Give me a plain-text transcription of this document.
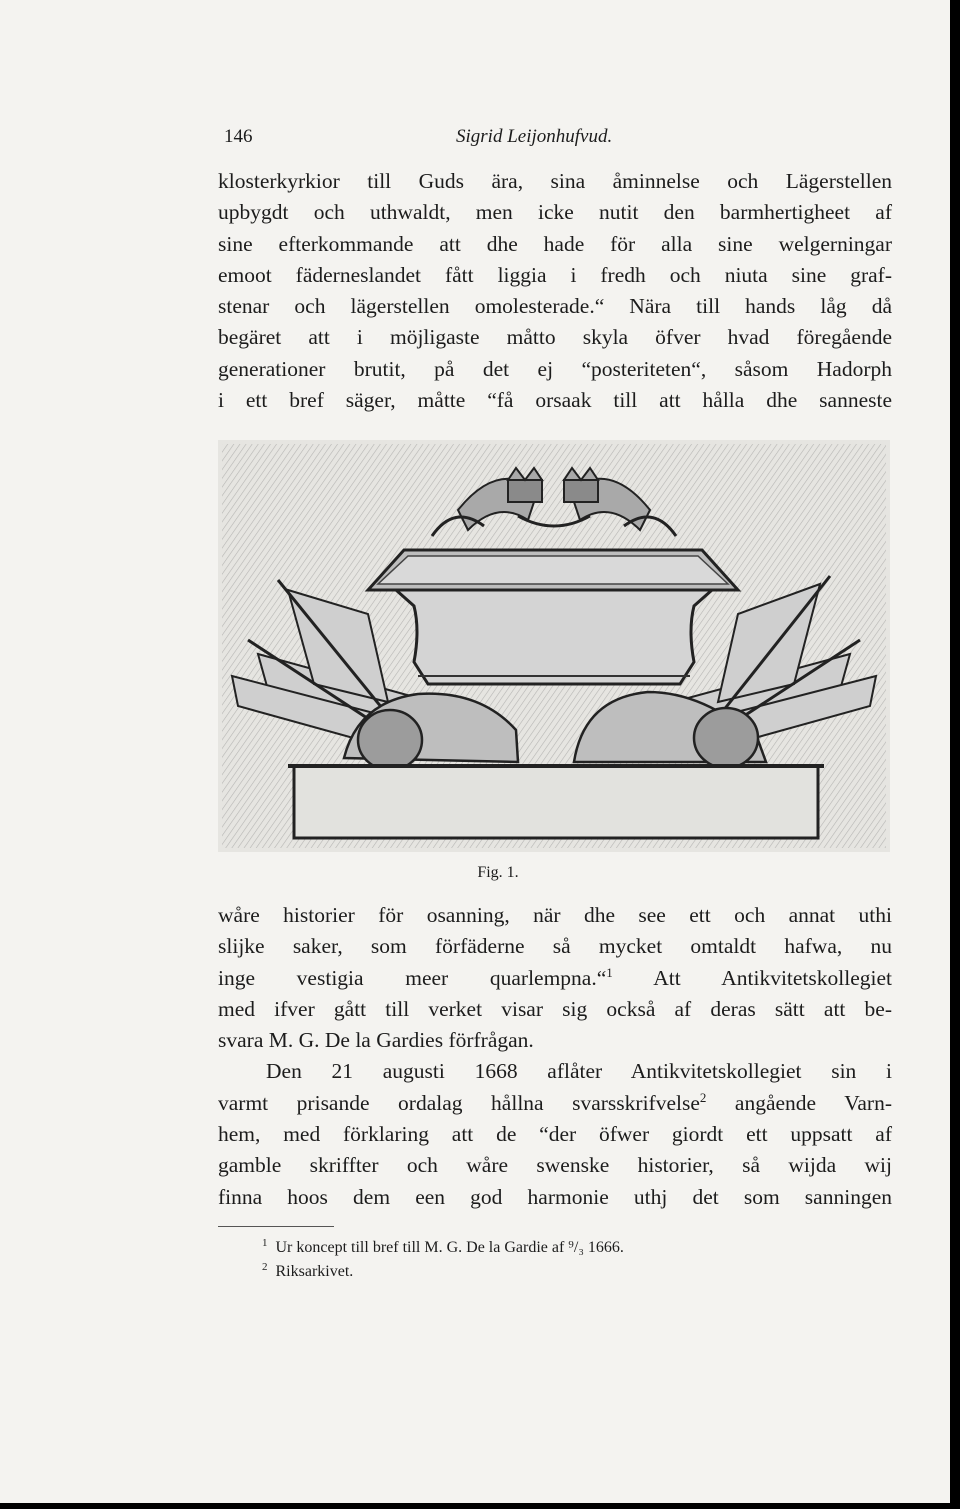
146	Sigrid Leijonhufvud.

klosterkyrkior till Guds ära, sina åminnelse och Lägerstellen

upbygdt och uthwaldt, men icke nutit den barmhertigheet af

sine efterkommande att dhe hade för alla sine welgerningar

emoot fäderneslandet fått liggia i fredh och niuta sine graf-

stenar och lägerstellen omolesterade.“ Nära till hands låg då

begäret att i möjligaste måtto skyla öfver hvad föregående

generationer brutit, på det ej “posteriteten“, såsom Hadorph

i ett bref säger, måtte “få orsaak till att hålla dhe sanneste

Fig. 1.

wåre historier för osanning, när dhe see ett och annat uthi

slijke saker, som förfäderne så mycket omtaldt hafwa, nu

inge vestigia meer quarlempna.“$^1$ Att Antikvitetskollegiet

med ifver gått till verket visar sig också af deras sätt att be-

svara M. G. De la Gardies förfrågan.

Den 21 augusti 1668 aflåter Antikvitetskollegiet sin i

varmt prisande ordalag hållna svarsskrifvelse$^2$ angående Varn-

hem, med förklaring att de “der öfwer giordt ett uppsatt af

gamble skriffter och wåre swenske historier, så wijda wij

finna hoos dem een god harmonie uthj det som sanningen

$^1$ Ur koncept till bref till M. G. De la Gardie af ⁹/₃ 1666.
$^2$ Riksarkivet.
